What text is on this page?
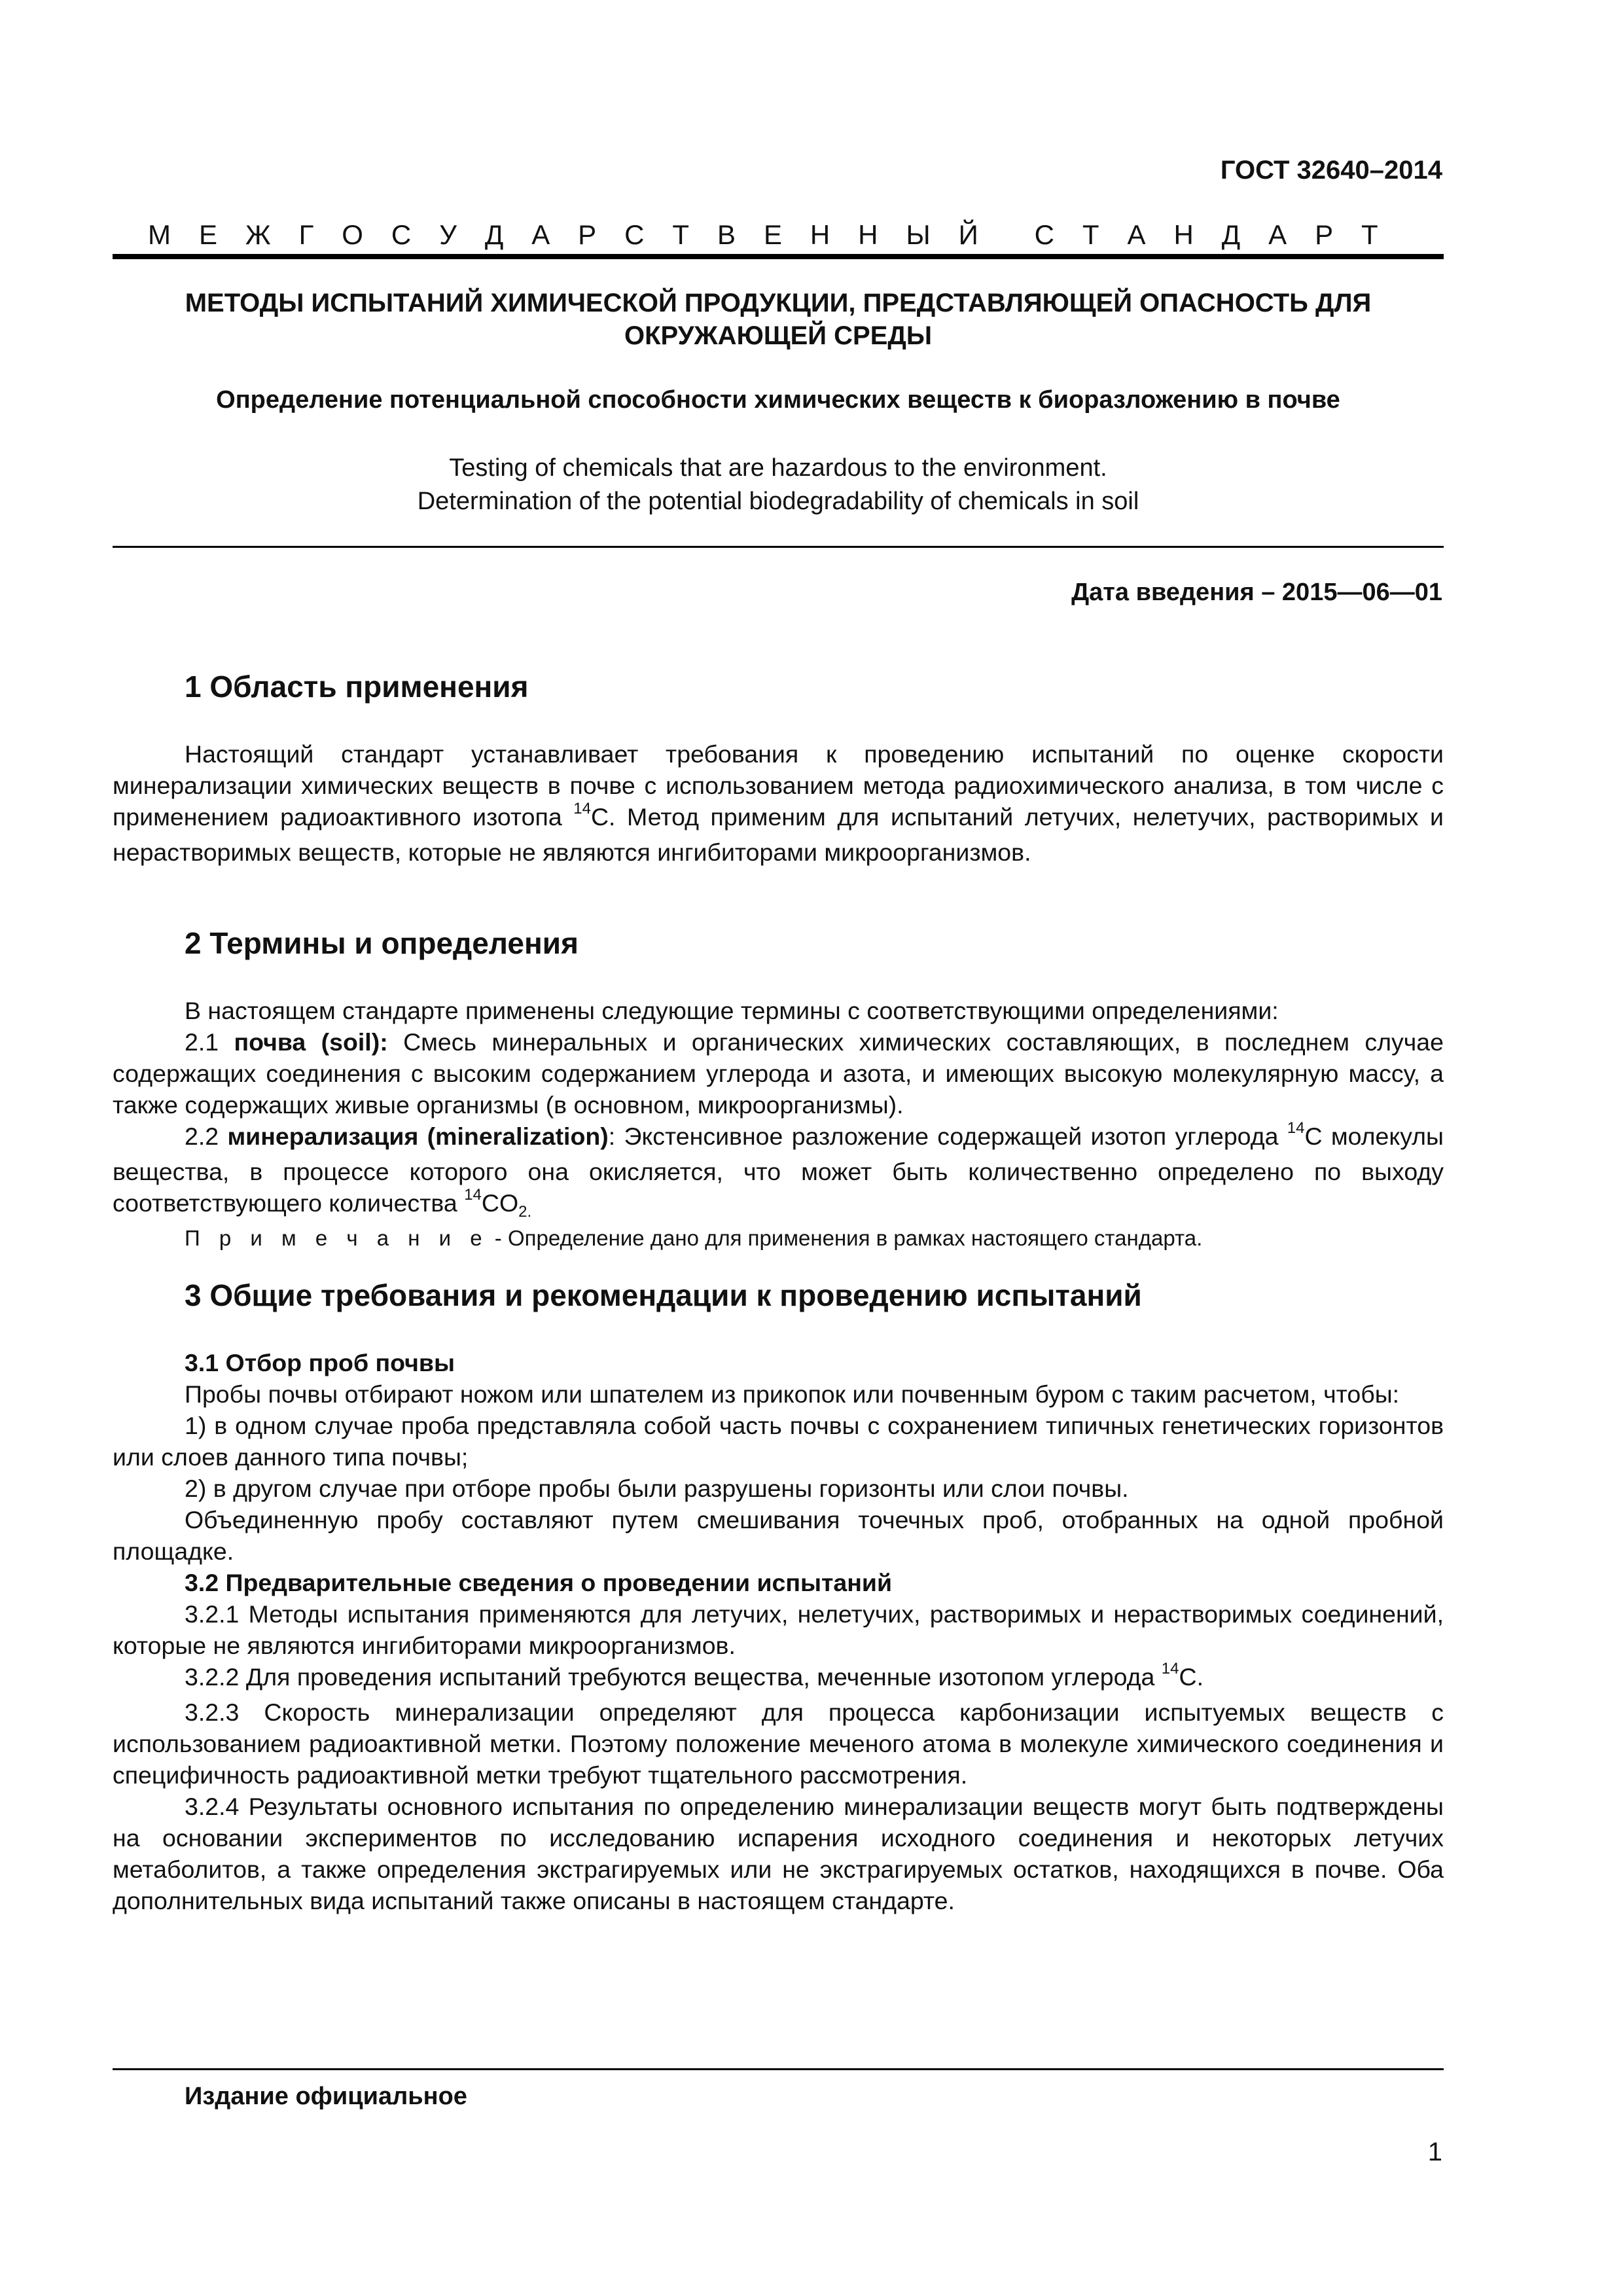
ГОСТ 32640–2014
М Е Ж Г О С У Д А Р С Т В Е Н Н Ы Й С Т А Н Д А Р Т
МЕТОДЫ ИСПЫТАНИЙ ХИМИЧЕСКОЙ ПРОДУКЦИИ, ПРЕДСТАВЛЯЮЩЕЙ ОПАСНОСТЬ ДЛЯ
ОКРУЖАЮЩЕЙ СРЕДЫ
Определение потенциальной способности химических веществ к биоразложению в почве
Testing of chemicals that are hazardous to the environment.
Determination of the potential biodegradability of chemicals in soil
Дата введения – 2015—06—01
1 Область применения

Настоящий стандарт устанавливает требования к проведению испытаний по оценке скорости минерализации химических веществ в почве с использованием метода радиохимического анализа, в том числе с применением радиоактивного изотопа $^{14}$С. Метод применим для испытаний летучих, нелетучих, растворимых и нерастворимых веществ, которые не являются ингибиторами микроорганизмов.

2 Термины и определения

В настоящем стандарте применены следующие термины с соответствующими определениями:

2.1 почва (soil): Смесь минеральных и органических химических составляющих, в последнем случае содержащих соединения с высоким содержанием углерода и азота, и имеющих высокую молекулярную массу, а также содержащих живые организмы (в основном, микроорганизмы).

2.2 минерализация (mineralization): Экстенсивное разложение содержащей изотоп углерода $^{14}$С молекулы вещества, в процессе которого она окисляется, что может быть количественно определено по выходу соответствующего количества $^{14}CO_{2.}$

П р и м е ч а н и е - Определение дано для применения в рамках настоящего стандарта.

3 Общие требования и рекомендации к проведению испытаний

3.1 Отбор проб почвы

Пробы почвы отбирают ножом или шпателем из прикопок или почвенным буром с таким расчетом, чтобы:

1) в одном случае проба представляла собой часть почвы с сохранением типичных генетических горизонтов или слоев данного типа почвы;

2) в другом случае при отборе пробы были разрушены горизонты или слои почвы.

Объединенную пробу составляют путем смешивания точечных проб, отобранных на одной пробной площадке.

3.2 Предварительные сведения о проведении испытаний

3.2.1 Методы испытания применяются для летучих, нелетучих, растворимых и нерастворимых соединений, которые не являются ингибиторами микроорганизмов.

3.2.2 Для проведения испытаний требуются вещества, меченные изотопом углерода $^{14}$С.

3.2.3 Скорость минерализации определяют для процесса карбонизации испытуемых веществ с использованием радиоактивной метки. Поэтому положение меченого атома в молекуле химического соединения и специфичность радиоактивной метки требуют тщательного рассмотрения.

3.2.4 Результаты основного испытания по определению минерализации веществ могут быть подтверждены на основании экспериментов по исследованию испарения исходного соединения и некоторых летучих метаболитов, а также определения экстрагируемых или не экстрагируемых остатков, находящихся в почве. Оба дополнительных вида испытаний также описаны в настоящем стандарте.

Издание официальное
1
